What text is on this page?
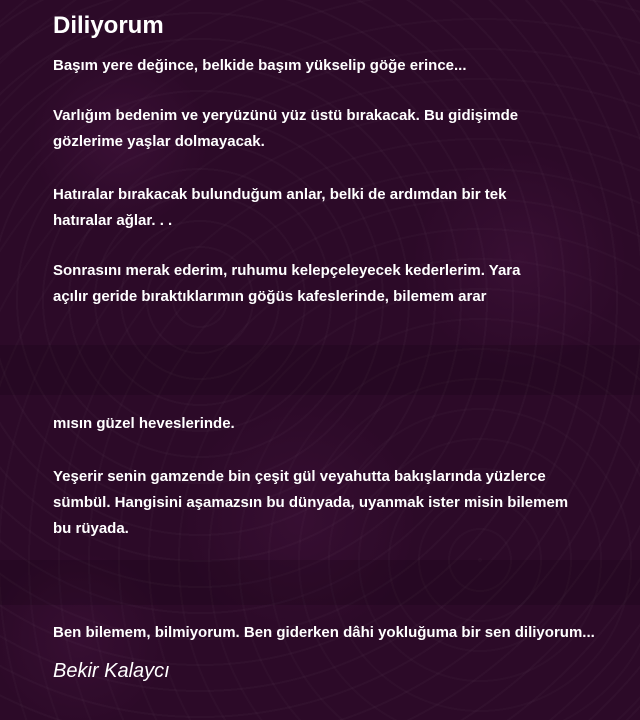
Diliyorum

Başım yere değince, belkide başım yükselip göğe erince...

Varlığım bedenim ve yeryüzünü yüz üstü bırakacak. Bu gidişimde
gözlerime yaşlar dolmayacak.

Hatıralar bırakacak bulunduğum anlar, belki de ardımdan bir tek
hatıralar ağlar. . .

Sonrasını merak ederim, ruhumu kelepçeleyecek kederlerim. Yara
açılır geride bıraktıklarımın göğüs kafeslerinde, bilemem arar

mısın güzel heveslerinde.

Yeşerir senin gamzende bin çeşit gül veyahutta bakışlarında yüzlerce
sümbül. Hangisini aşamazsın bu dünyada, uyanmak ister misin bilemem
bu rüyada.

Ben bilemem, bilmiyorum. Ben giderken dâhi yokluğuma bir sen diliyorum...

Bekir Kalaycı
